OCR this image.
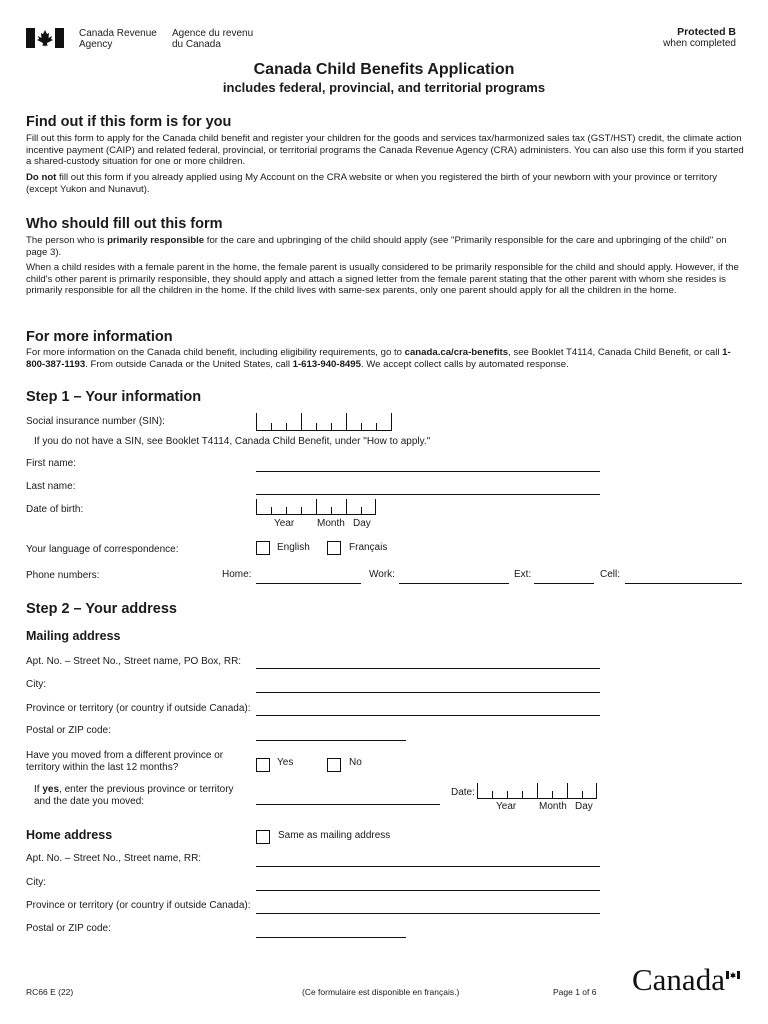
Canada Revenue
Agency
Agence du revenu
du Canada
Protected B
when completed
Canada Child Benefits Application
includes federal, provincial, and territorial programs
Find out if this form is for you
Fill out this form to apply for the Canada child benefit and register your children for the goods and services tax/harmonized sales tax (GST/HST) credit, the climate action incentive payment (CAIP) and related federal, provincial, or territorial programs the Canada Revenue Agency (CRA) administers. You can also use this form if you started a shared-custody situation for one or more children.
Do not fill out this form if you already applied using My Account on the CRA website or when you registered the birth of your newborn with your province or territory (except Yukon and Nunavut).
Who should fill out this form
The person who is primarily responsible for the care and upbringing of the child should apply (see "Primarily responsible for the care and upbringing of the child" on page 3).
When a child resides with a female parent in the home, the female parent is usually considered to be primarily responsible for the child and should apply. However, if the child's other parent is primarily responsible, they should apply and attach a signed letter from the female parent stating that the other parent with whom she resides is primarily responsible for all the children in the home. If the child lives with same-sex parents, only one parent should apply for all the children in the home.
For more information
For more information on the Canada child benefit, including eligibility requirements, go to canada.ca/cra-benefits, see Booklet T4114, Canada Child Benefit, or call 1-800-387-1193. From outside Canada or the United States, call 1-613-940-8495. We accept collect calls by automated response.
Step 1 – Your information
Social insurance number (SIN):
If you do not have a SIN, see Booklet T4114, Canada Child Benefit, under "How to apply."
First name:
Last name:
Date of birth:
Year Month Day
Your language of correspondence:	English	Français
Phone numbers:	Home:	Work:	Ext:	Cell:
Step 2 – Your address
Mailing address
Apt. No. – Street No., Street name, PO Box, RR:
City:
Province or territory (or country if outside Canada):
Postal or ZIP code:
Have you moved from a different province or
territory within the last 12 months?	Yes	No
If yes, enter the previous province or territory
and the date you moved:
Date:
Year Month Day
Home address	Same as mailing address
Apt. No. – Street No., Street name, RR:
City:
Province or territory (or country if outside Canada):
Postal or ZIP code:
RC66 E (22)	(Ce formulaire est disponible en français.)	Page 1 of 6 Canada
